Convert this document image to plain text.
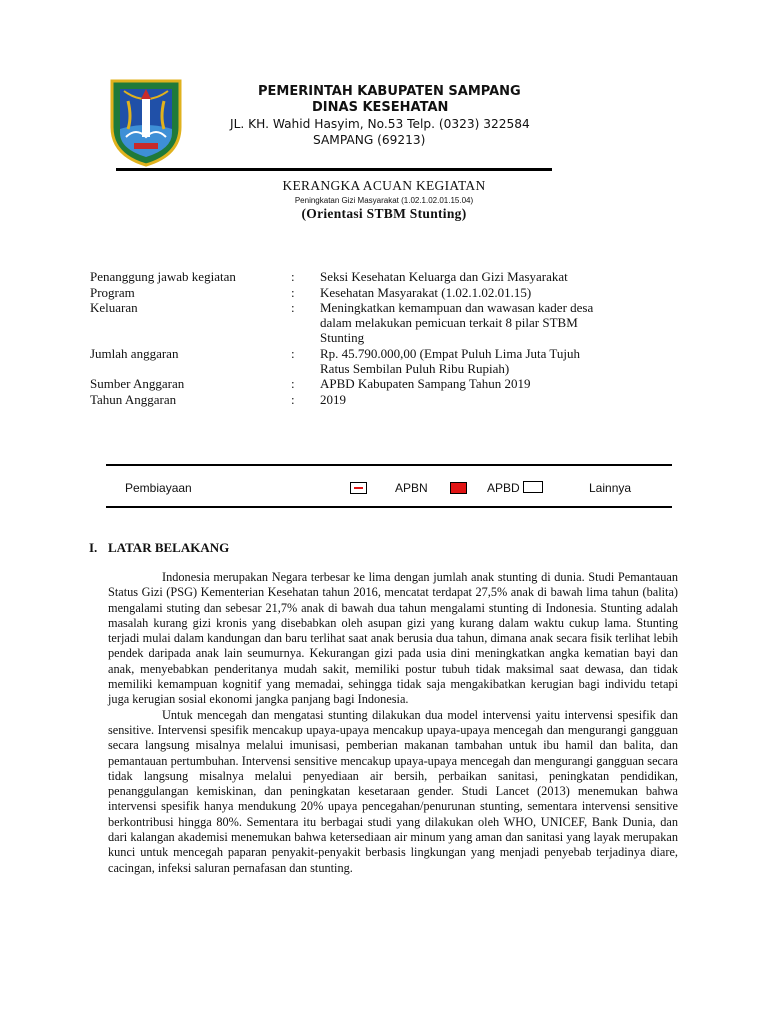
PEMERINTAH KABUPATEN SAMPANG
DINAS KESEHATAN
JL. KH. Wahid Hasyim, No.53 Telp. (0323) 322584
SAMPANG (69213)
KERANGKA ACUAN KEGIATAN
Peningkatan Gizi Masyarakat (1.02.1.02.01.15.04)
(Orientasi STBM Stunting)
Penanggung jawab kegiatan	: Seksi Kesehatan Keluarga dan Gizi Masyarakat
Program	: Kesehatan Masyarakat (1.02.1.02.01.15)
Keluaran	: Meningkatkan kemampuan dan wawasan kader desa
dalam melakukan pemicuan terkait 8 pilar STBM
Stunting
Jumlah anggaran	: Rp. 45.790.000,00 (Empat Puluh Lima Juta Tujuh
Ratus Sembilan Puluh Ribu Rupiah)
Sumber Anggaran	: APBD Kabupaten Sampang Tahun 2019
Tahun Anggaran	: 2019
Pembiayaan	APBN	APBD	Lainnya
I. LATAR BELAKANG

Indonesia merupakan Negara terbesar ke lima dengan jumlah anak stunting di dunia. Studi Pemantauan Status Gizi (PSG) Kementerian Kesehatan tahun 2016, mencatat terdapat 27,5% anak di bawah lima tahun (balita) mengalami stuting dan sebesar 21,7% anak di bawah dua tahun mengalami stunting di Indonesia. Stunting adalah masalah kurang gizi kronis yang disebabkan oleh asupan gizi yang kurang dalam waktu cukup lama. Stunting terjadi mulai dalam kandungan dan baru terlihat saat anak berusia dua tahun, dimana anak secara fisik terlihat lebih pendek daripada anak lain seumurnya. Kekurangan gizi pada usia dini meningkatkan angka kematian bayi dan anak, menyebabkan penderitanya mudah sakit, memiliki postur tubuh tidak maksimal saat dewasa, dan tidak memiliki kemampuan kognitif yang memadai, sehingga tidak saja mengakibatkan kerugian bagi individu tetapi juga kerugian sosial ekonomi jangka panjang bagi Indonesia.

Untuk mencegah dan mengatasi stunting dilakukan dua model intervensi yaitu intervensi spesifik dan sensitive. Intervensi spesifik mencakup upaya-upaya mencakup upaya-upaya mencegah dan mengurangi gangguan secara langsung misalnya melalui imunisasi, pemberian makanan tambahan untuk ibu hamil dan balita, dan pemantauan pertumbuhan. Intervensi sensitive mencakup upaya-upaya mencegah dan mengurangi gangguan secara tidak langsung misalnya melalui penyediaan air bersih, perbaikan sanitasi, peningkatan pendidikan, penanggulangan kemiskinan, dan peningkatan kesetaraan gender. Studi Lancet (2013) menemukan bahwa intervensi spesifik hanya mendukung 20% upaya pencegahan/penurunan stunting, sementara intervensi sensitive berkontribusi hingga 80%. Sementara itu berbagai studi yang dilakukan oleh WHO, UNICEF, Bank Dunia, dan dari kalangan akademisi menemukan bahwa ketersediaan air minum yang aman dan sanitasi yang layak merupakan kunci untuk mencegah paparan penyakit-penyakit berbasis lingkungan yang menjadi penyebab terjadinya diare, cacingan, infeksi saluran pernafasan dan stunting.
